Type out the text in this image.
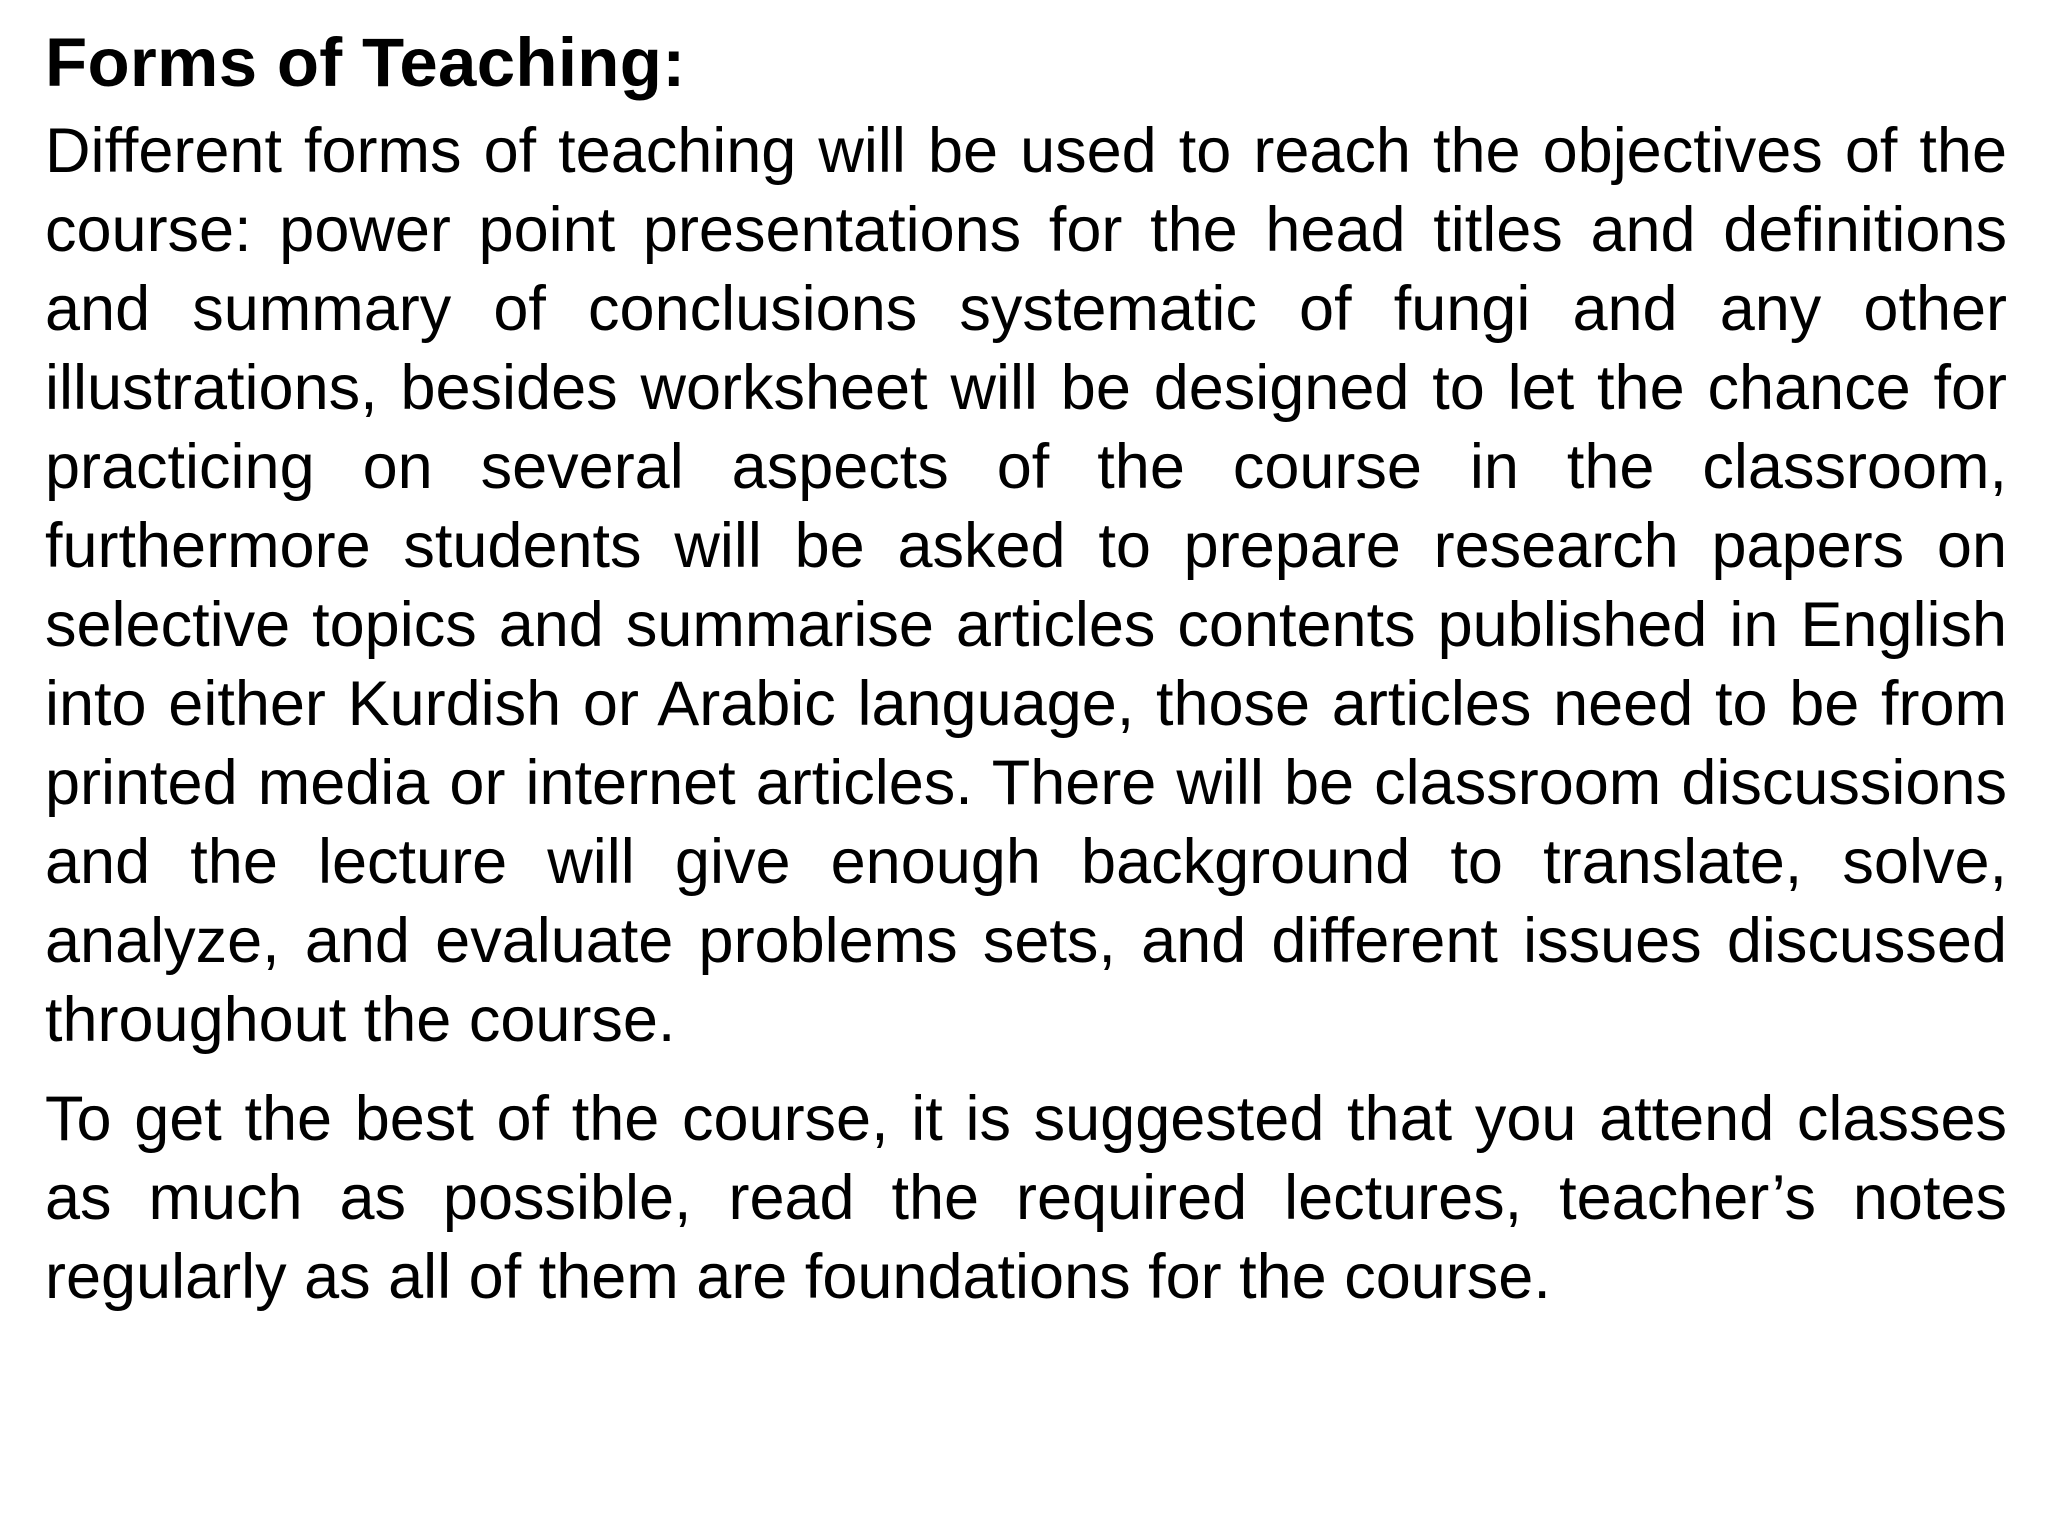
Forms of Teaching:

Different forms of teaching will be used to reach the objectives of the course: power point presentations for the head titles and definitions and summary of conclusions systematic of fungi and any other illustrations, besides worksheet will be designed to let the chance for practicing on several aspects of the course in the classroom, furthermore students will be asked to prepare research papers on selective topics and summarise articles contents published in English into either Kurdish or Arabic language, those articles need to be from printed media or internet articles. There will be classroom discussions and the lecture will give enough background to translate, solve, analyze, and evaluate problems sets, and different issues discussed throughout the course.

To get the best of the course, it is suggested that you attend classes as much as possible, read the required lectures, teacher’s notes regularly as all of them are foundations for the course.
